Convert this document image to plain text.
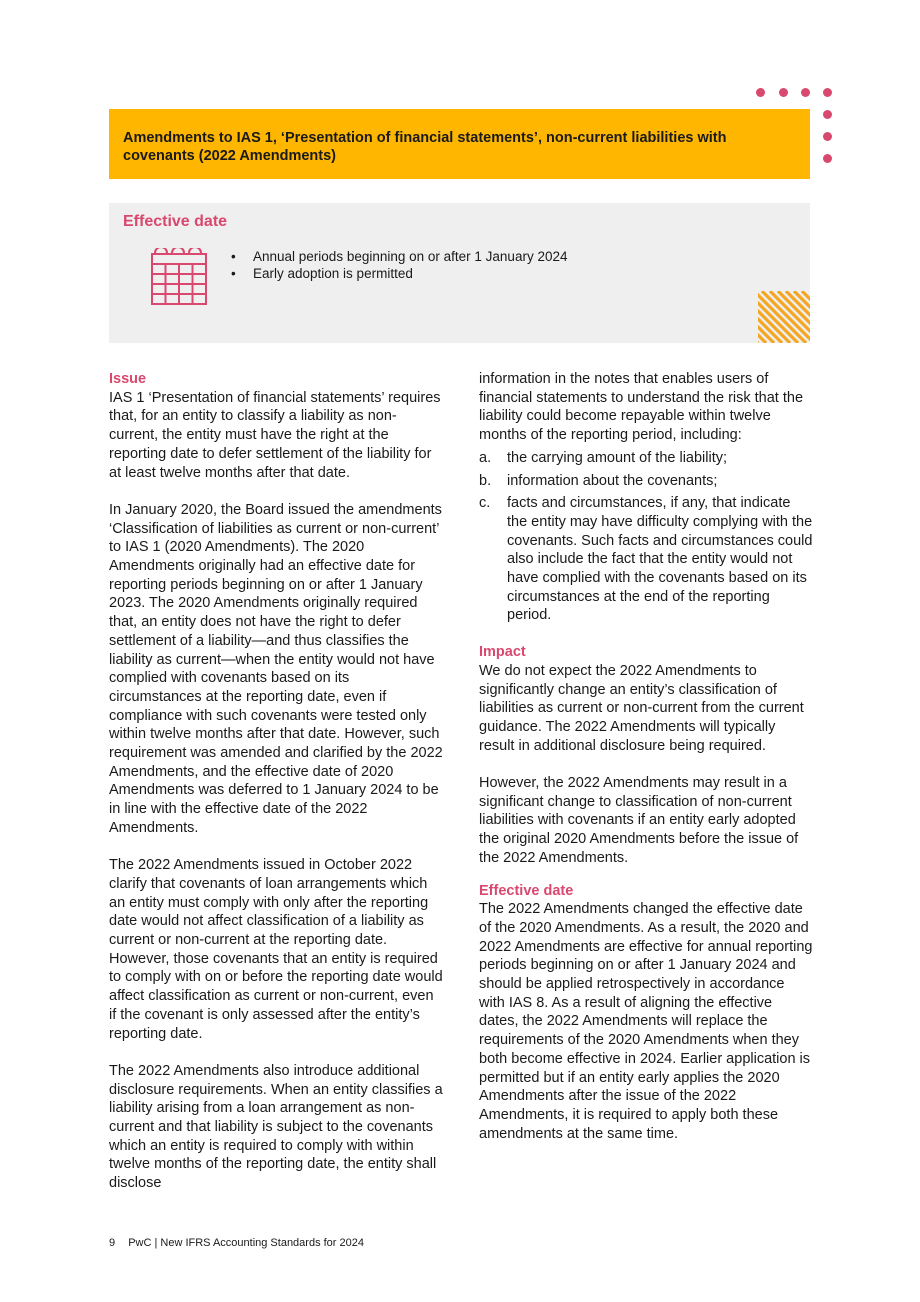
Amendments to IAS 1, ‘Presentation of financial statements’, non-current liabilities with covenants (2022 Amendments)
Effective date
• Annual periods beginning on or after 1 January 2024
• Early adoption is permitted
Issue

IAS 1 ‘Presentation of financial statements’ requires that, for an entity to classify a liability as non-current, the entity must have the right at the reporting date to defer settlement of the liability for at least twelve months after that date.

In January 2020, the Board issued the amendments ‘Classification of liabilities as current or non-current’ to IAS 1 (2020 Amendments). The 2020 Amendments originally had an effective date for reporting periods beginning on or after 1 January 2023. The 2020 Amendments originally required that, an entity does not have the right to defer settlement of a liability—and thus classifies the liability as current—when the entity would not have complied with covenants based on its circumstances at the reporting date, even if compliance with such covenants were tested only within twelve months after that date. However, such requirement was amended and clarified by the 2022 Amendments, and the effective date of 2020 Amendments was deferred to 1 January 2024 to be in line with the effective date of the 2022 Amendments.

The 2022 Amendments issued in October 2022 clarify that covenants of loan arrangements which an entity must comply with only after the reporting date would not affect classification of a liability as current or non-current at the reporting date. However, those covenants that an entity is required to comply with on or before the reporting date would affect classification as current or non-current, even if the covenant is only assessed after the entity’s reporting date.

The 2022 Amendments also introduce additional disclosure requirements. When an entity classifies a liability arising from a loan arrangement as non-current and that liability is subject to the covenants which an entity is required to comply with within twelve months of the reporting date, the entity shall disclose

information in the notes that enables users of financial statements to understand the risk that the liability could become repayable within twelve months of the reporting period, including:

a. the carrying amount of the liability;
b. information about the covenants;
c. facts and circumstances, if any, that indicate the entity may have difficulty complying with the covenants. Such facts and circumstances could also include the fact that the entity would not have complied with the covenants based on its circumstances at the end of the reporting period.
Impact

We do not expect the 2022 Amendments to significantly change an entity’s classification of liabilities as current or non-current from the current guidance. The 2022 Amendments will typically result in additional disclosure being required.

However, the 2022 Amendments may result in a significant change to classification of non-current liabilities with covenants if an entity early adopted the original 2020 Amendments before the issue of the 2022 Amendments.

Effective date

The 2022 Amendments changed the effective date of the 2020 Amendments. As a result, the 2020 and 2022 Amendments are effective for annual reporting periods beginning on or after 1 January 2024 and should be applied retrospectively in accordance with IAS 8. As a result of aligning the effective dates, the 2022 Amendments will replace the requirements of the 2020 Amendments when they both become effective in 2024. Earlier application is permitted but if an entity early applies the 2020 Amendments after the issue of the 2022 Amendments, it is required to apply both these amendments at the same time.

9 PwC | New IFRS Accounting Standards for 2024
